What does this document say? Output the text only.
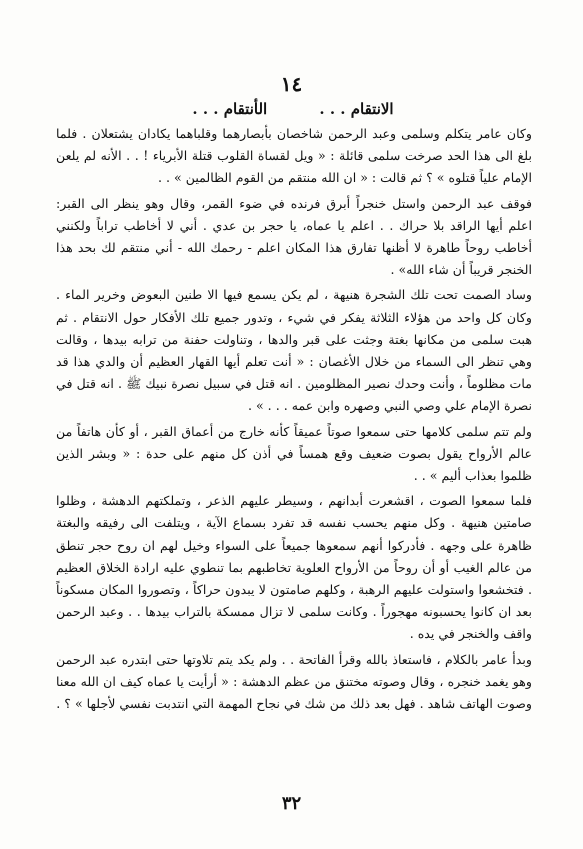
١٤
الانتقام . . .          الأنتقام . . .

وكان عامر يتكلم وسلمى وعبد الرحمن شاخصان بأبصارهما وقلباهما يكادان يشتعلان . فلما بلغ الى هذا الحد صرخت سلمى قائلة : « ويل لقساة القلوب قتلة الأبرياء ! . . الأنه لم يلعن الإمام علياً قتلوه » ؟ ثم قالت : « ان الله منتقم من القوم الظالمين » . .

فوقف عبد الرحمن واستل خنجراً أبرق فرنده في ضوء القمر، وقال وهو ينظر الى القبر: اعلم أيها الراقد بلا حراك . . اعلم يا عماه، يا حجر بن عدي . أني لا أخاطب تراباً ولكنني أخاطب روحاً طاهرة لا أظنها تفارق هذا المكان اعلم - رحمك الله - أني منتقم لك بحد هذا الخنجر قريباً أن شاء الله» .

وساد الصمت تحت تلك الشجرة هنيهة ، لم يكن يسمع فيها الا طنين البعوض وخرير الماء . وكان كل واحد من هؤلاء الثلاثة يفكر في شيء ، وتدور جميع تلك الأفكار حول الانتقام . ثم هبت سلمى من مكانها بغتة وجثت على قبر والدها ، وتناولت حفنة من ترابه بيدها ، وقالت وهي تنظر الى السماء من خلال الأغصان : « أنت تعلم أيها القهار العظيم أن والدي هذا قد مات مظلوماً ، وأنت وحدك نصير المظلومين . انه قتل في سبيل نصرة نبيك ﷺ . انه قتل في نصرة الإمام علي وصي النبي وصهره وابن عمه . . . » .

ولم تتم سلمى كلامها حتى سمعوا صوتاً عميقاً كأنه خارج من أعماق القبر ، أو كأن هاتفاً من عالم الأرواح يقول بصوت ضعيف وقع همساً في أذن كل منهم على حدة : « وبشر الذين ظلموا بعذاب أليم » . .

فلما سمعوا الصوت ، اقشعرت أبدانهم ، وسيطر عليهم الذعر ، وتملكتهم الدهشة ، وظلوا صامتين هنيهة . وكل منهم يحسب نفسه قد تفرد بسماع الآية ، ويتلفت الى رفيقه والبغتة ظاهرة على وجهه . فأدركوا أنهم سمعوها جميعاً على السواء وخيل لهم ان روح حجر تنطق من عالم الغيب أو أن روحاً من الأرواح العلوية تخاطبهم بما تنطوي عليه ارادة الخلاق العظيم . فتخشعوا واستولت عليهم الرهبة ، وكلهم صامتون لا يبدون حراكاً ، وتصوروا المكان مسكوناً بعد ان كانوا يحسبونه مهجوراً . وكانت سلمى لا تزال ممسكة بالتراب بيدها . . وعبد الرحمن واقف والخنجر في يده .

وبدأ عامر بالكلام ، فاستعاذ بالله وقرأ الفاتحة . . ولم يكد يتم تلاوتها حتى ابتدره عبد الرحمن وهو يغمد خنجره ، وقال وصوته مختنق من عظم الدهشة : « أرأيت يا عماه كيف ان الله معنا وصوت الهاتف شاهد . فهل بعد ذلك من شك في نجاح المهمة التي انتدبت نفسي لأجلها » ؟ .

٣٢
